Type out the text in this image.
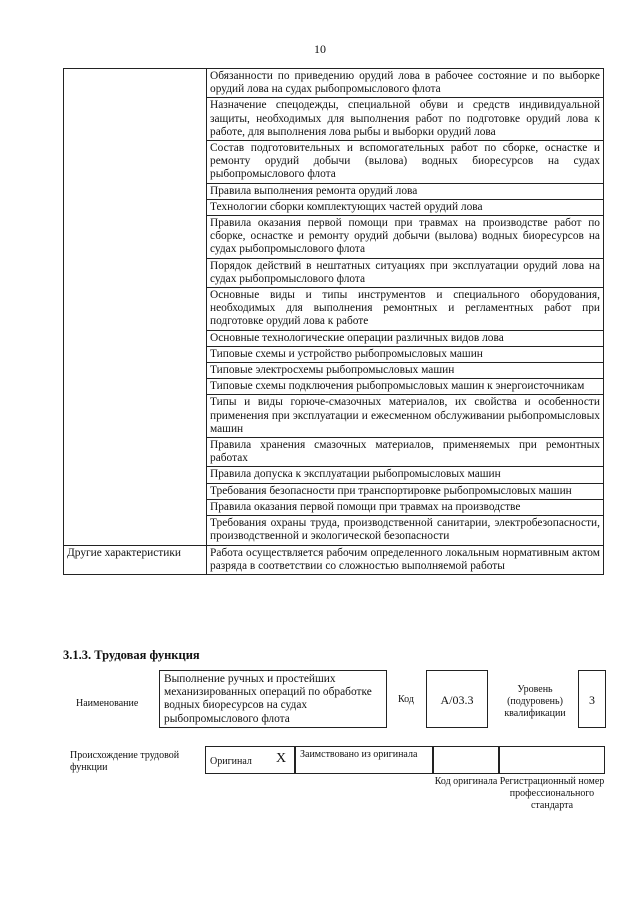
10
	Обязанности по приведению орудий лова в рабочее состояние и по выборке орудий лова на судах рыбопромыслового флота
	Назначение спецодежды, специальной обуви и средств индивидуальной защиты, необходимых для выполнения работ по подготовке орудий лова к работе, для выполнения лова рыбы и выборки орудий лова
	Состав подготовительных и вспомогательных работ по сборке, оснастке и ремонту орудий добычи (вылова) водных биоресурсов на судах рыбопромыслового флота
	Правила выполнения ремонта орудий лова
	Технологии сборки комплектующих частей орудий лова
	Правила оказания первой помощи при травмах на производстве работ по сборке, оснастке и ремонту орудий добычи (вылова) водных биоресурсов на судах рыбопромыслового флота
	Порядок действий в нештатных ситуациях при эксплуатации орудий лова на судах рыбопромыслового флота
	Основные виды и типы инструментов и специального оборудования, необходимых для выполнения ремонтных и регламентных работ при подготовке орудий лова к работе
	Основные технологические операции различных видов лова
	Типовые схемы и устройство рыбопромысловых машин
	Типовые электросхемы рыбопромысловых машин
	Типовые схемы подключения рыбопромысловых машин к энергоисточникам
	Типы и виды горюче-смазочных материалов, их свойства и особенности применения при эксплуатации и ежесменном обслуживании рыбопромысловых машин
	Правила хранения смазочных материалов, применяемых при ремонтных работах
	Правила допуска к эксплуатации рыбопромысловых машин
	Требования безопасности при транспортировке рыбопромысловых машин
	Правила оказания первой помощи при травмах на производстве
	Требования охраны труда, производственной санитарии, электробезопасности, производственной и экологической безопасности
Другие характеристики	Работа осуществляется рабочим определенного локальным нормативным актом разряда в соответствии со сложностью выполняемой работы
3.1.3. Трудовая функция
Наименование
Выполнение ручных и простейших механизированных операций по обработке водных биоресурсов на судах рыбопромыслового флота
Код	A/03.3
Уровень (подуровень) квалификации
3
Происхождение трудовой функции
Оригинал	X	Заимствовано из оригинала
Код оригинала Регистрационный номер профессионального стандарта
